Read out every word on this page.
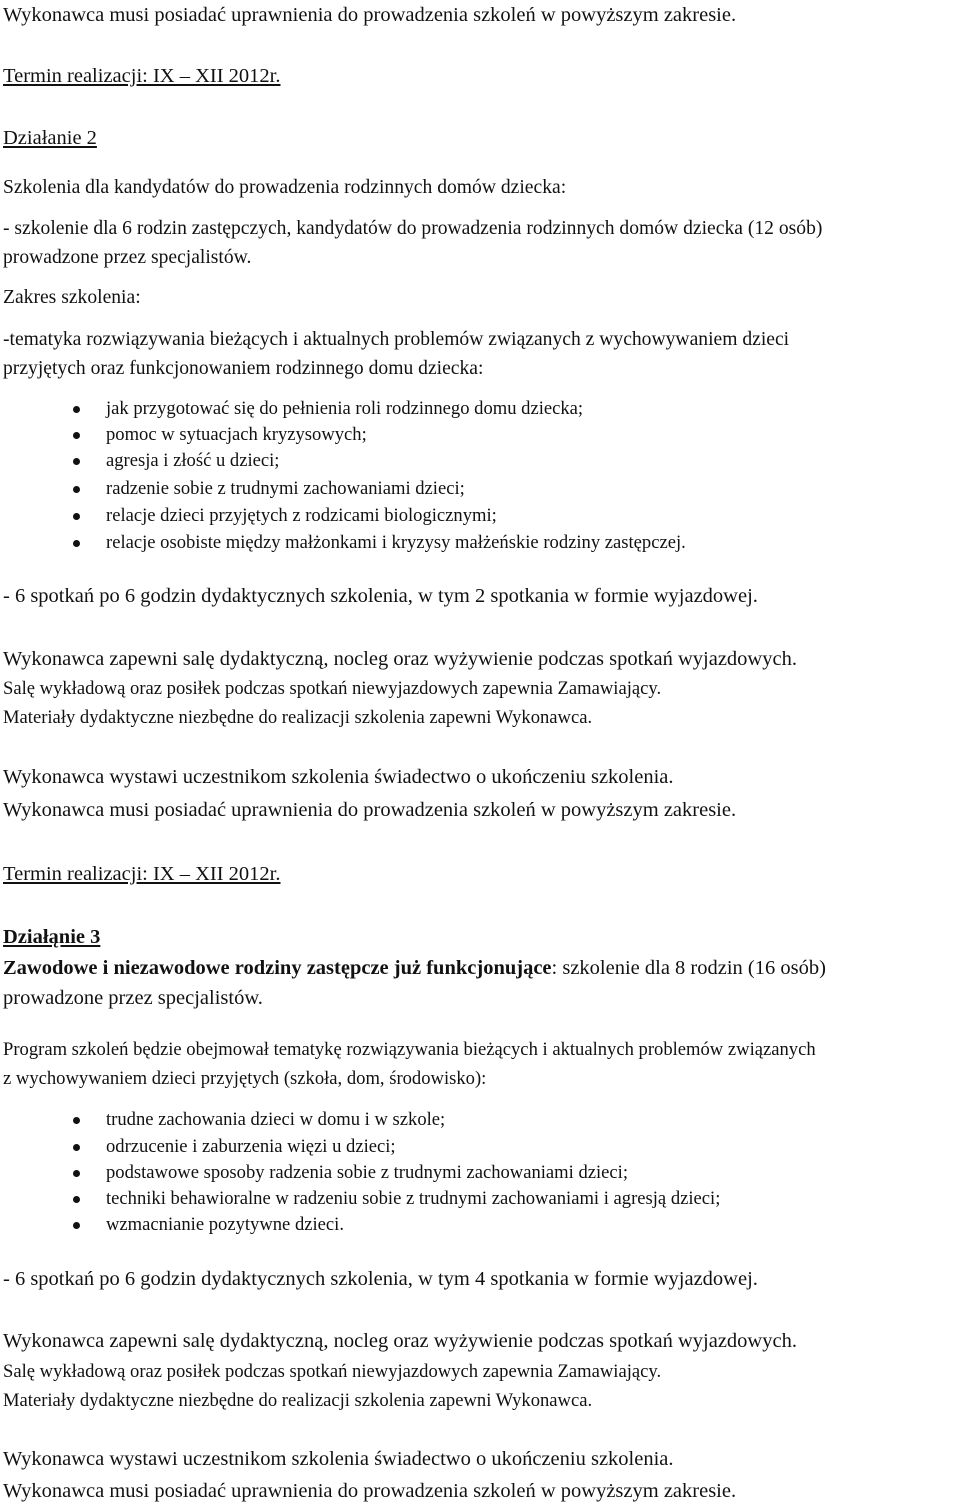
Wykonawca musi posiadać uprawnienia do prowadzenia szkoleń w powyższym zakresie.
Termin realizacji: IX – XII 2012r.
Działanie 2
Szkolenia dla kandydatów do prowadzenia rodzinnych domów dziecka:
- szkolenie dla 6 rodzin zastępczych, kandydatów do prowadzenia rodzinnych domów dziecka (12 osób)
prowadzone przez specjalistów.
Zakres szkolenia:
-tematyka rozwiązywania bieżących i aktualnych problemów związanych z wychowywaniem dzieci
przyjętych oraz funkcjonowaniem rodzinnego domu dziecka:
jak przygotować się do pełnienia roli rodzinnego domu dziecka;
pomoc w sytuacjach kryzysowych;
agresja i złość u dzieci;
radzenie sobie z trudnymi zachowaniami dzieci;
relacje dzieci przyjętych z rodzicami biologicznymi;
relacje osobiste między małżonkami i kryzysy małżeńskie rodziny zastępczej.
- 6 spotkań po 6 godzin dydaktycznych szkolenia, w tym 2 spotkania w formie wyjazdowej.
Wykonawca zapewni salę dydaktyczną, nocleg oraz wyżywienie podczas spotkań wyjazdowych.
Salę wykładową oraz posiłek podczas spotkań niewyjazdowych zapewnia Zamawiający.
Materiały dydaktyczne niezbędne do realizacji szkolenia zapewni Wykonawca.
Wykonawca wystawi uczestnikom szkolenia świadectwo o ukończeniu szkolenia.
Wykonawca musi posiadać uprawnienia do prowadzenia szkoleń w powyższym zakresie.
Termin realizacji: IX – XII 2012r.
Działąnie 3
Zawodowe i niezawodowe rodziny zastępcze już funkcjonujące: szkolenie dla 8 rodzin (16 osób)
prowadzone przez specjalistów.
Program szkoleń będzie obejmował tematykę rozwiązywania bieżących i aktualnych problemów związanych
z wychowywaniem dzieci przyjętych (szkoła, dom, środowisko):
trudne zachowania dzieci w domu i w szkole;
odrzucenie i zaburzenia więzi u dzieci;
podstawowe sposoby radzenia sobie z trudnymi zachowaniami dzieci;
techniki behawioralne w radzeniu sobie z trudnymi zachowaniami i agresją dzieci;
wzmacnianie pozytywne dzieci.
- 6 spotkań po 6 godzin dydaktycznych szkolenia, w tym 4 spotkania w formie wyjazdowej.
Wykonawca zapewni salę dydaktyczną, nocleg oraz wyżywienie podczas spotkań wyjazdowych.
Salę wykładową oraz posiłek podczas spotkań niewyjazdowych zapewnia Zamawiający.
Materiały dydaktyczne niezbędne do realizacji szkolenia zapewni Wykonawca.
Wykonawca wystawi uczestnikom szkolenia świadectwo o ukończeniu szkolenia.
Wykonawca musi posiadać uprawnienia do prowadzenia szkoleń w powyższym zakresie.
